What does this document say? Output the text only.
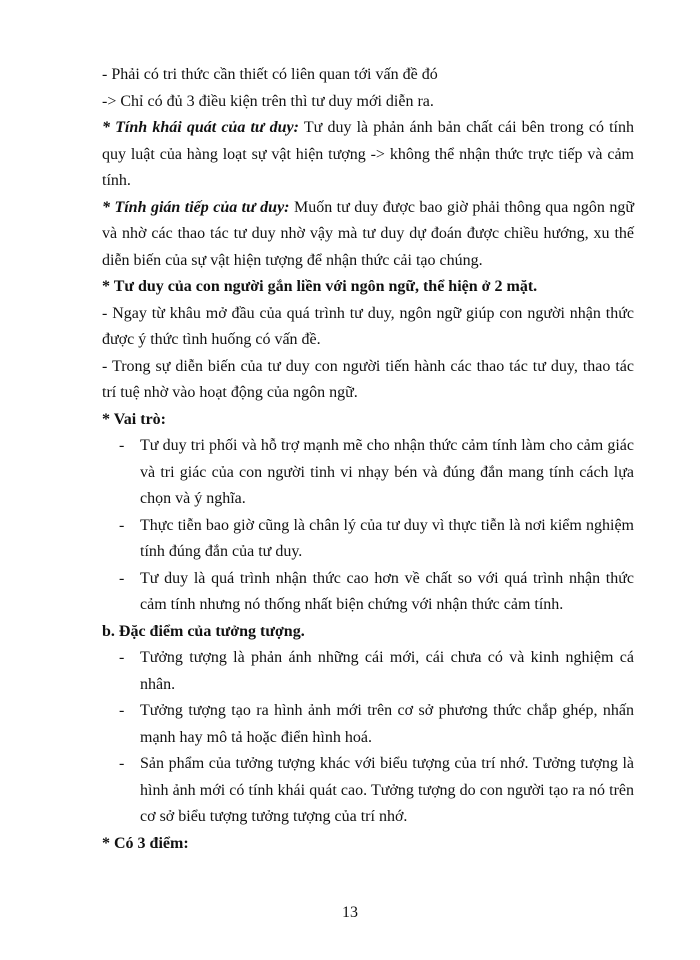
- Phải có tri thức cần thiết có liên quan tới vấn đề đó

-> Chỉ có đủ 3 điều kiện trên thì tư duy mới diễn ra.

* Tính khái quát của tư duy: Tư duy là phản ánh bản chất cái bên trong có tính quy luật của hàng loạt sự vật hiện tượng -> không thể nhận thức trực tiếp và cảm tính.

* Tính gián tiếp của tư duy: Muốn tư duy được bao giờ phải thông qua ngôn ngữ và nhờ các thao tác tư duy nhờ vậy mà tư duy dự đoán được chiều hướng, xu thế diễn biến của sự vật hiện tượng để nhận thức cải tạo chúng.

* Tư duy của con người gắn liền với ngôn ngữ, thể hiện ở 2 mặt.

- Ngay từ khâu mở đầu của quá trình tư duy, ngôn ngữ giúp con người nhận thức được ý thức tình huống có vấn đề.

- Trong sự diễn biến của tư duy con người tiến hành các thao tác tư duy, thao tác trí tuệ nhờ vào hoạt động của ngôn ngữ.

* Vai trò:

- Tư duy tri phối và hỗ trợ mạnh mẽ cho nhận thức cảm tính làm cho cảm giác và tri giác của con người tinh vi nhạy bén và đúng đắn mang tính cách lựa chọn và ý nghĩa.
- Thực tiễn bao giờ cũng là chân lý của tư duy vì thực tiễn là nơi kiểm nghiệm tính đúng đắn của tư duy.
- Tư duy là quá trình nhận thức cao hơn về chất so với quá trình nhận thức cảm tính nhưng nó thống nhất biện chứng với nhận thức cảm tính.

b. Đặc điểm của tưởng tượng.

- Tưởng tượng là phản ánh những cái mới, cái chưa có và kinh nghiệm cá nhân.
- Tưởng tượng tạo ra hình ảnh mới trên cơ sở phương thức chắp ghép, nhấn mạnh hay mô tả hoặc điển hình hoá.
- Sản phẩm của tưởng tượng khác với biểu tượng của trí nhớ. Tưởng tượng là hình ảnh mới có tính khái quát cao. Tưởng tượng do con người tạo ra nó trên cơ sở biểu tượng tưởng tượng của trí nhớ.

* Có 3 điểm:

13
